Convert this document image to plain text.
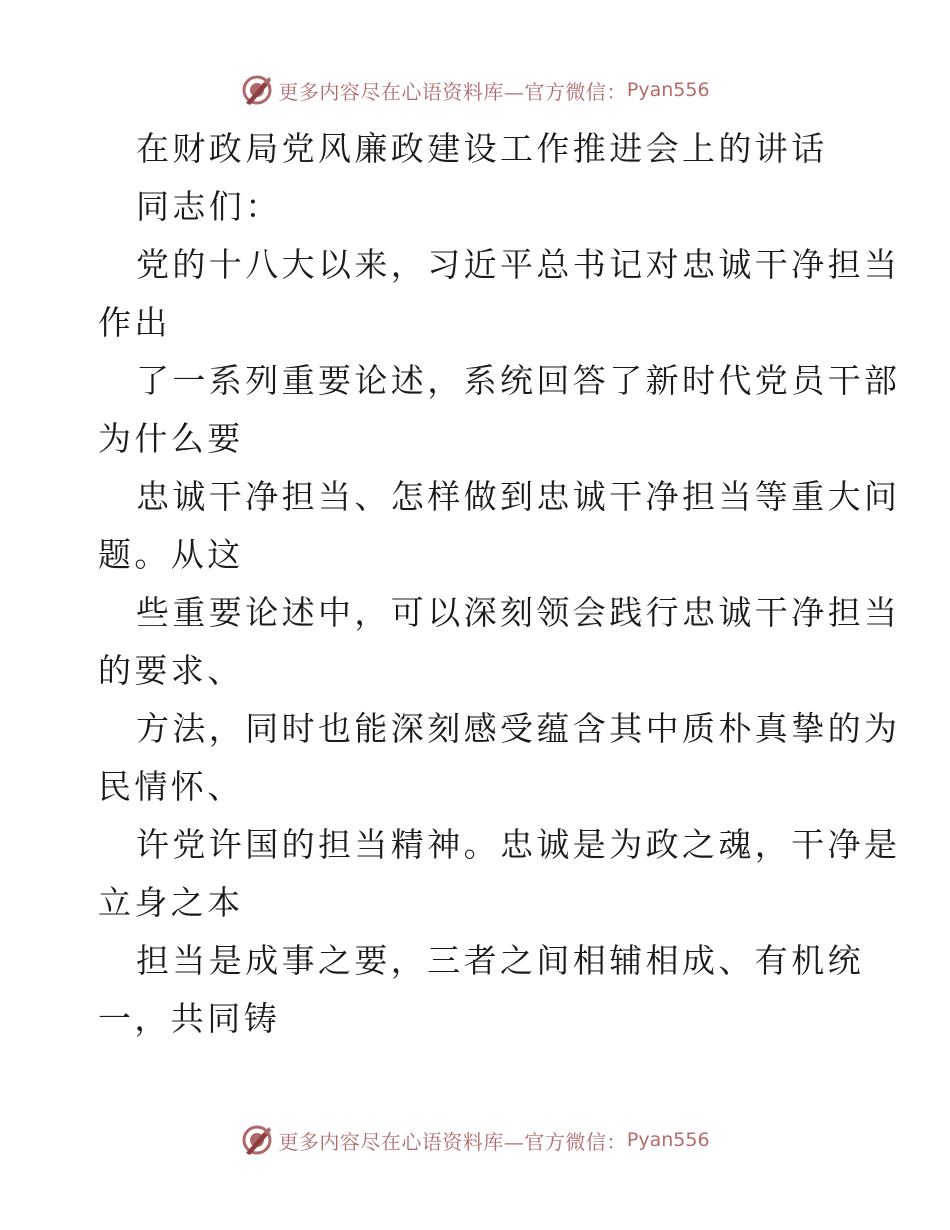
更多内容尽在心语资料库—官方微信： Pyan556
在财政局党风廉政建设工作推进会上的讲话
同志们：
党的十八大以来，习近平总书记对忠诚干净担当
作出
了一系列重要论述，系统回答了新时代党员干部
为什么要
忠诚干净担当、怎样做到忠诚干净担当等重大问
题。从这
些重要论述中，可以深刻领会践行忠诚干净担当
的要求、
方法，同时也能深刻感受蕴含其中质朴真挚的为
民情怀、
许党许国的担当精神。忠诚是为政之魂，干净是
立身之本
担当是成事之要，三者之间相辅相成、有机统
一，共同铸
更多内容尽在心语资料库—官方微信： Pyan556
